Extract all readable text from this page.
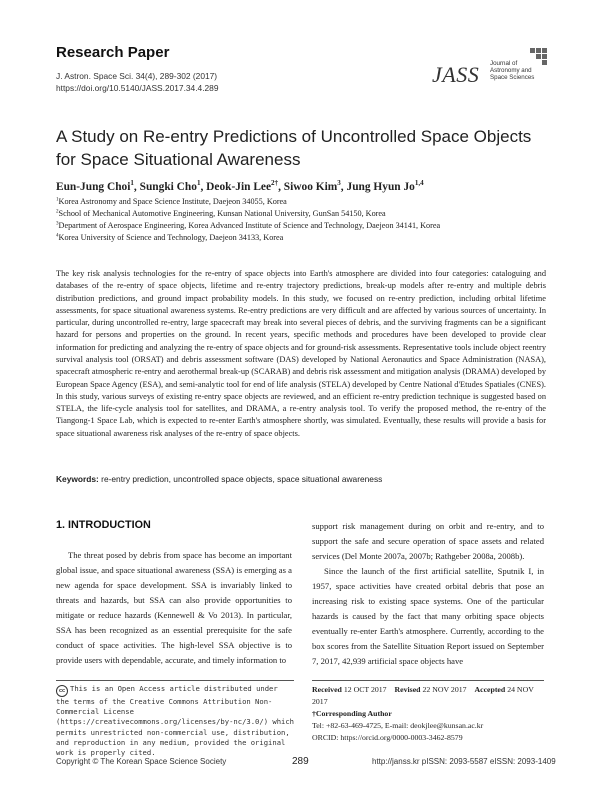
Research Paper
J. Astron. Space Sci. 34(4), 289-302 (2017)
https://doi.org/10.5140/JASS.2017.34.4.289
JASS Journal of
Astronomy and
Space Sciences
A Study on Re-entry Predictions of Uncontrolled Space Objects
for Space Situational Awareness
Eun-Jung Choi$^1$, Sungki Cho$^1$, Deok-Jin Lee$^{2\dagger}$, Siwoo Kim$^3$, Jung Hyun Jo$^{1,4}$
$^1$Korea Astronomy and Space Science Institute, Daejeon 34055, Korea
$^2$School of Mechanical Automotive Engineering, Kunsan National University, GunSan 54150, Korea
$^3$Department of Aerospace Engineering, Korea Advanced Institute of Science and Technology, Daejeon 34141, Korea
$^4$Korea University of Science and Technology, Daejeon 34133, Korea
The key risk analysis technologies for the re-entry of space objects into Earth's atmosphere are divided into four categories: cataloguing and databases of the re-entry of space objects, lifetime and re-entry trajectory predictions, break-up models after re-entry and multiple debris distribution predictions, and ground impact probability models. In this study, we focused on re-entry prediction, including orbital lifetime assessments, for space situational awareness systems. Re-entry predictions are very difficult and are affected by various sources of uncertainty. In particular, during uncontrolled re-entry, large spacecraft may break into several pieces of debris, and the surviving fragments can be a significant hazard for persons and properties on the ground. In recent years, specific methods and procedures have been developed to provide clear information for predicting and analyzing the re-entry of space objects and for ground-risk assessments. Representative tools include object reentry survival analysis tool (ORSAT) and debris assessment software (DAS) developed by National Aeronautics and Space Administration (NASA), spacecraft atmospheric re-entry and aerothermal break-up (SCARAB) and debris risk assessment and mitigation analysis (DRAMA) developed by European Space Agency (ESA), and semi-analytic tool for end of life analysis (STELA) developed by Centre National d'Etudes Spatiales (CNES). In this study, various surveys of existing re-entry space objects are reviewed, and an efficient re-entry prediction technique is suggested based on STELA, the life-cycle analysis tool for satellites, and DRAMA, a re-entry analysis tool. To verify the proposed method, the re-entry of the Tiangong-1 Space Lab, which is expected to re-enter Earth's atmosphere shortly, was simulated. Eventually, these results will provide a basis for space situational awareness risk analyses of the re-entry of space objects.
Keywords: re-entry prediction, uncontrolled space objects, space situational awareness
1. INTRODUCTION
The threat posed by debris from space has become an important global issue, and space situational awareness (SSA) is emerging as a new agenda for space development. SSA is invariably linked to threats and hazards, but SSA can also provide opportunities to mitigate or reduce hazards (Kennewell & Vo 2013). In particular, SSA has been recognized as an essential prerequisite for the safe conduct of space activities. The high-level SSA objective is to provide users with dependable, accurate, and timely information to

support risk management during on orbit and re-entry, and to support the safe and secure operation of space assets and related services (Del Monte 2007a, 2007b; Rathgeber 2008a, 2008b).

Since the launch of the first artificial satellite, Sputnik I, in 1957, space activities have created orbital debris that pose an increasing risk to existing space systems. One of the particular hazards is caused by the fact that many orbiting space objects eventually re-enter Earth's atmosphere. Currently, according to the box scores from the Satellite Situation Report issued on September 7, 2017, 42,939 artificial space objects have

cc This is an Open Access article distributed under the terms of the Creative Commons Attribution Non-Commercial License (https://creativecommons.org/licenses/by-nc/3.0/) which permits unrestricted non-commercial use, distribution, and reproduction in any medium, provided the original work is properly cited.
Received 12 OCT 2017 Revised 22 NOV 2017 Accepted 24 NOV 2017
†Corresponding Author
Tel: +82-63-469-4725, E-mail: deokjlee@kunsan.ac.kr
ORCID: https://orcid.org/0000-0003-3462-8579
Copyright © The Korean Space Science Society	289	http://janss.kr pISSN: 2093-5587 eISSN: 2093-1409
